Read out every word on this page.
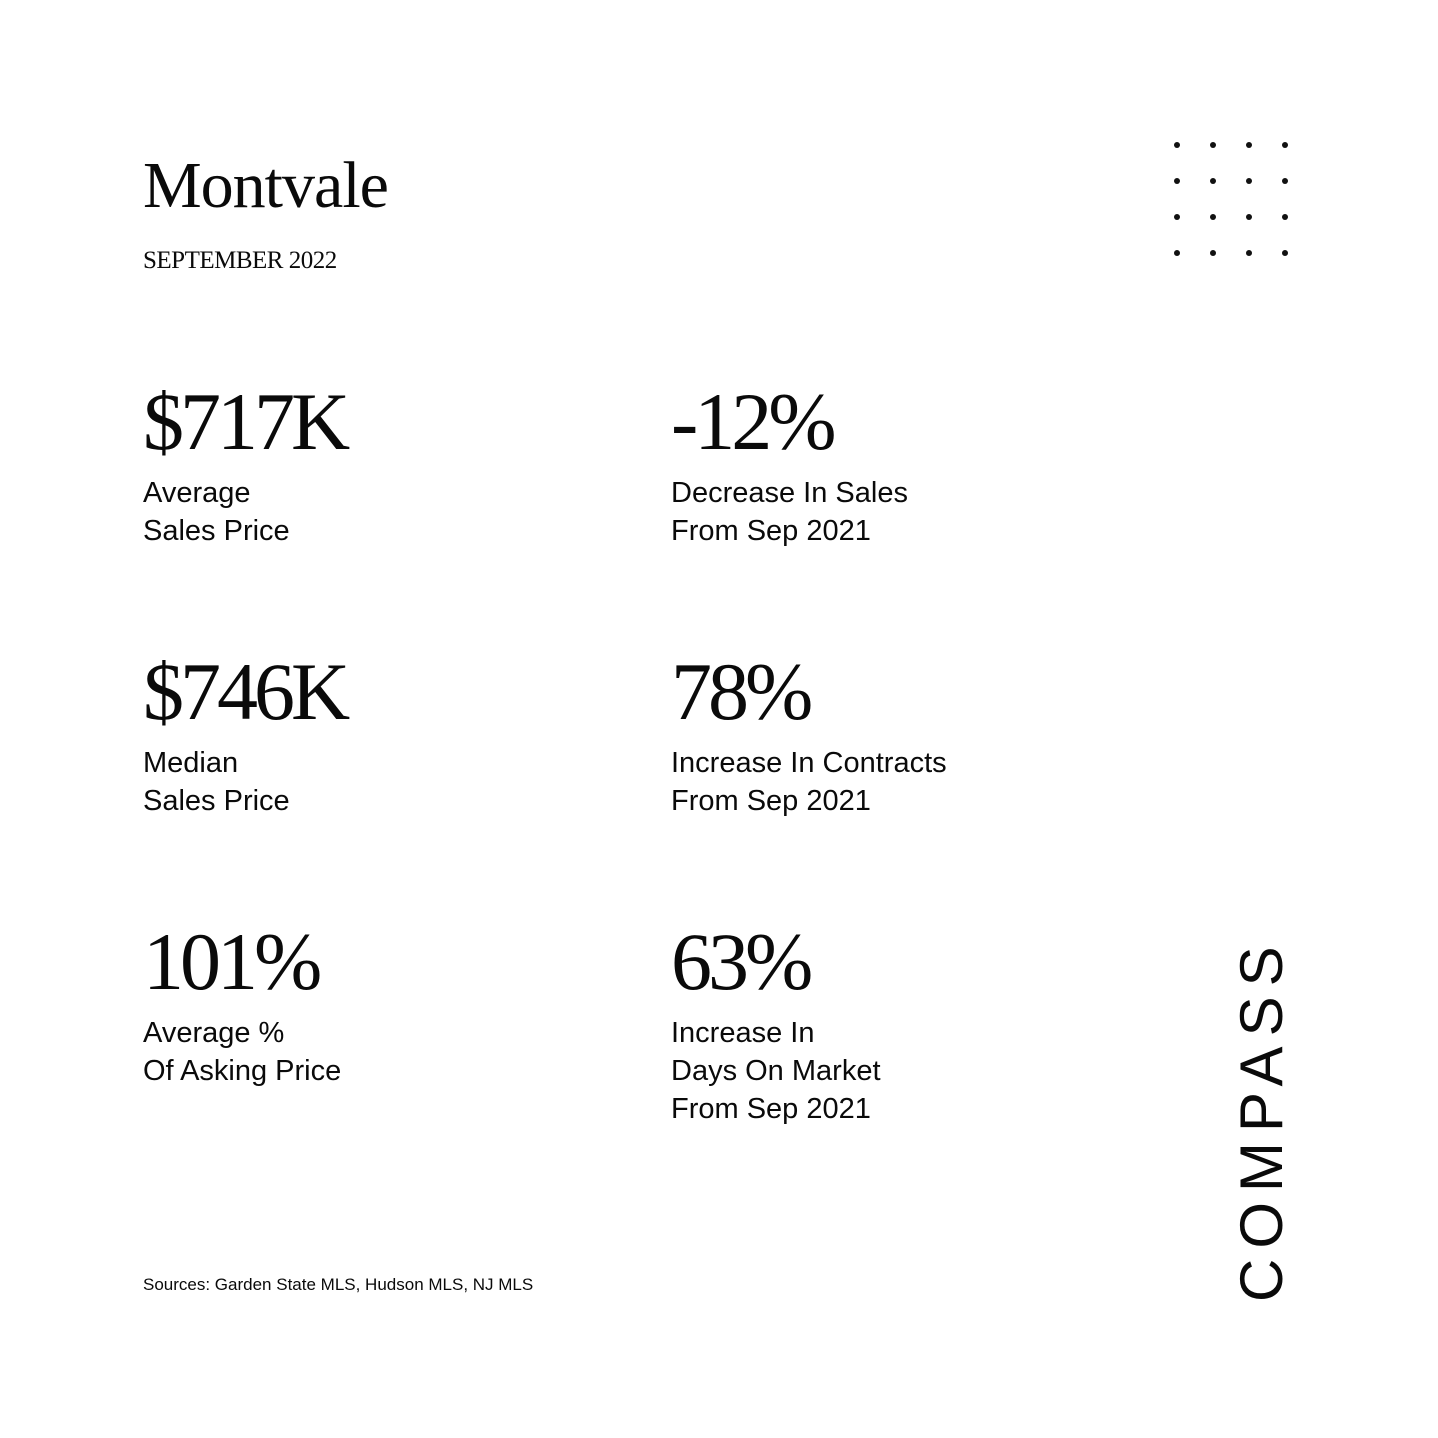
Montvale
SEPTEMBER 2022
$717K
Average
Sales Price
-12%
Decrease In Sales
From Sep 2021
$746K
Median
Sales Price
78%
Increase In Contracts
From Sep 2021
101%
Average %
Of Asking Price
63%
Increase In
Days On Market
From Sep 2021
Sources: Garden State MLS, Hudson MLS, NJ MLS	COMPASS
